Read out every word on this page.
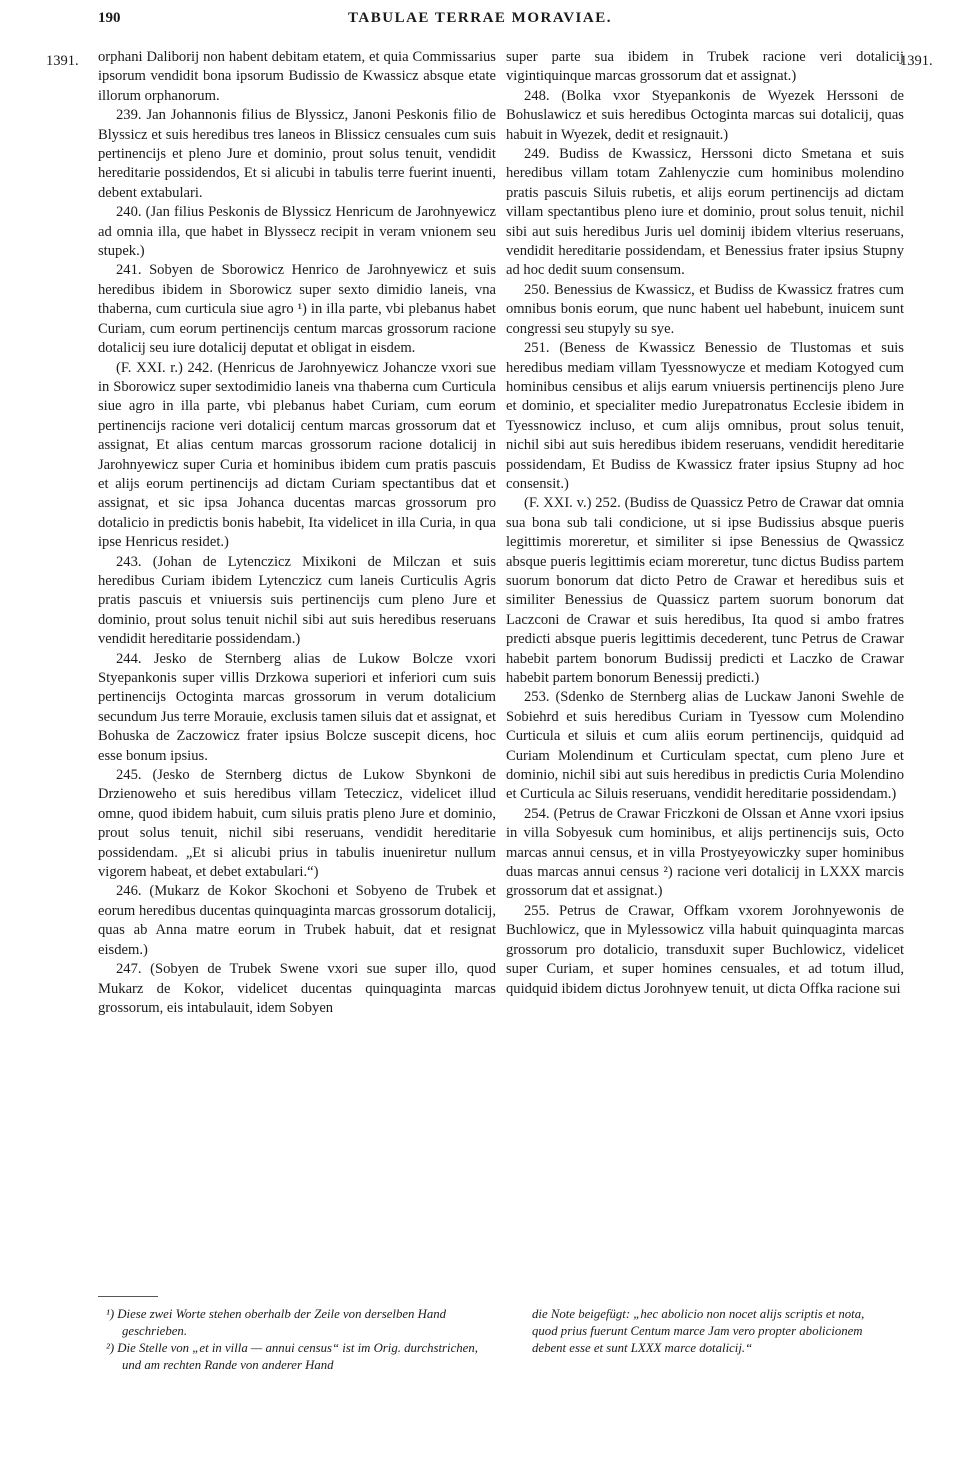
190	TABULAE TERRAE MORAVIAE.
1391.	1391.

orphani Daliborij non habent debitam etatem, et quia Commissarius ipsorum vendidit bona ipsorum Budissio de Kwassicz absque etate illorum orphanorum.

239. Jan Johannonis filius de Blyssicz, Janoni Peskonis filio de Blyssicz et suis heredibus tres laneos in Blissicz censuales cum suis pertinencijs et pleno Jure et dominio, prout solus tenuit, vendidit hereditarie possidendos, Et si alicubi in tabulis terre fuerint inuenti, debent extabulari.

240. (Jan filius Peskonis de Blyssicz Henricum de Jarohnyewicz ad omnia illa, que habet in Blyssecz recipit in veram vnionem seu stupek.)

241. Sobyen de Sborowicz Henrico de Jarohnyewicz et suis heredibus ibidem in Sborowicz super sexto dimidio laneis, vna thaberna, cum curticula siue agro ¹) in illa parte, vbi plebanus habet Curiam, cum eorum pertinencijs centum marcas grossorum racione dotalicij seu iure dotalicij deputat et obligat in eisdem.

(F. XXI. r.) 242. (Henricus de Jarohnyewicz Johancze vxori sue in Sborowicz super sextodimidio laneis vna thaberna cum Curticula siue agro in illa parte, vbi plebanus habet Curiam, cum eorum pertinencijs racione veri dotalicij centum marcas grossorum dat et assignat, Et alias centum marcas grossorum racione dotalicij in Jarohnyewicz super Curia et hominibus ibidem cum pratis pascuis et alijs eorum pertinencijs ad dictam Curiam spectantibus dat et assignat, et sic ipsa Johanca ducentas marcas grossorum pro dotalicio in predictis bonis habebit, Ita videlicet in illa Curia, in qua ipse Henricus residet.)

243. (Johan de Lytenczicz Mixikoni de Milczan et suis heredibus Curiam ibidem Lytenczicz cum laneis Curticulis Agris pratis pascuis et vniuersis suis pertinencijs cum pleno Jure et dominio, prout solus tenuit nichil sibi aut suis heredibus reseruans vendidit hereditarie possidendam.)

244. Jesko de Sternberg alias de Lukow Bolcze vxori Styepankonis super villis Drzkowa superiori et inferiori cum suis pertinencijs Octoginta marcas grossorum in verum dotalicium secundum Jus terre Morauie, exclusis tamen siluis dat et assignat, et Bohuska de Zaczowicz frater ipsius Bolcze suscepit dicens, hoc esse bonum ipsius.

245. (Jesko de Sternberg dictus de Lukow Sbynkoni de Drzienoweho et suis heredibus villam Teteczicz, videlicet illud omne, quod ibidem habuit, cum siluis pratis pleno Jure et dominio, prout solus tenuit, nichil sibi reseruans, vendidit hereditarie possidendam. „Et si alicubi prius in tabulis inueniretur nullum vigorem habeat, et debet extabulari.“)

246. (Mukarz de Kokor Skochoni et Sobyeno de Trubek et eorum heredibus ducentas quinquaginta marcas grossorum dotalicij, quas ab Anna matre eorum in Trubek habuit, dat et resignat eisdem.)

247. (Sobyen de Trubek Swene vxori sue super illo, quod Mukarz de Kokor, videlicet ducentas quinquaginta marcas grossorum, eis intabulauit, idem Sobyen

super parte sua ibidem in Trubek racione veri dotalicij vigintiquinque marcas grossorum dat et assignat.)

248. (Bolka vxor Styepankonis de Wyezek Herssoni de Bohuslawicz et suis heredibus Octoginta marcas sui dotalicij, quas habuit in Wyezek, dedit et resignauit.)

249. Budiss de Kwassicz, Herssoni dicto Smetana et suis heredibus villam totam Zahlenyczie cum hominibus molendino pratis pascuis Siluis rubetis, et alijs eorum pertinencijs ad dictam villam spectantibus pleno iure et dominio, prout solus tenuit, nichil sibi aut suis heredibus Juris uel dominij ibidem vlterius reseruans, vendidit hereditarie possidendam, et Benessius frater ipsius Stupny ad hoc dedit suum consensum.

250. Benessius de Kwassicz, et Budiss de Kwassicz fratres cum omnibus bonis eorum, que nunc habent uel habebunt, inuicem sunt congressi seu stupyly su sye.

251. (Beness de Kwassicz Benessio de Tlustomas et suis heredibus mediam villam Tyessnowycze et mediam Kotogyed cum hominibus censibus et alijs earum vniuersis pertinencijs pleno Jure et dominio, et specialiter medio Jurepatronatus Ecclesie ibidem in Tyessnowicz incluso, et cum alijs omnibus, prout solus tenuit, nichil sibi aut suis heredibus ibidem reseruans, vendidit hereditarie possidendam, Et Budiss de Kwassicz frater ipsius Stupny ad hoc consensit.)

(F. XXI. v.) 252. (Budiss de Quassicz Petro de Crawar dat omnia sua bona sub tali condicione, ut si ipse Budissius absque pueris legittimis moreretur, et similiter si ipse Benessius de Qwassicz absque pueris legittimis eciam moreretur, tunc dictus Budiss partem suorum bonorum dat dicto Petro de Crawar et heredibus suis et similiter Benessius de Quassicz partem suorum bonorum dat Laczconi de Crawar et suis heredibus, Ita quod si ambo fratres predicti absque pueris legittimis decederent, tunc Petrus de Crawar habebit partem bonorum Budissij predicti et Laczko de Crawar habebit partem bonorum Benessij predicti.)

253. (Sdenko de Sternberg alias de Luckaw Janoni Swehle de Sobiehrd et suis heredibus Curiam in Tyessow cum Molendino Curticula et siluis et cum aliis eorum pertinencijs, quidquid ad Curiam Molendinum et Curticulam spectat, cum pleno Jure et dominio, nichil sibi aut suis heredibus in predictis Curia Molendino et Curticula ac Siluis reseruans, vendidit hereditarie possidendam.)

254. (Petrus de Crawar Friczkoni de Olssan et Anne vxori ipsius in villa Sobyesuk cum hominibus, et alijs pertinencijs suis, Octo marcas annui census, et in villa Prostyeyowiczky super hominibus duas marcas annui census ²) racione veri dotalicij in LXXX marcis grossorum dat et assignat.)

255. Petrus de Crawar, Offkam vxorem Jorohnyewonis de Buchlowicz, que in Mylessowicz villa habuit quinquaginta marcas grossorum pro dotalicio, transduxit super Buchlowicz, videlicet super Curiam, et super homines censuales, et ad totum illud, quidquid ibidem dictus Jorohnyew tenuit, ut dicta Offka racione sui

¹) Diese zwei Worte stehen oberhalb der Zeile von derselben Hand geschrieben.

²) Die Stelle von „et in villa — annui census“ ist im Orig. durchstrichen, und am rechten Rande von anderer Hand

die Note beigefügt: „hec abolicio non nocet alijs scriptis et nota, quod prius fuerunt Centum marce Jam vero propter abolicionem debent esse et sunt LXXX marce dotalicij.“
